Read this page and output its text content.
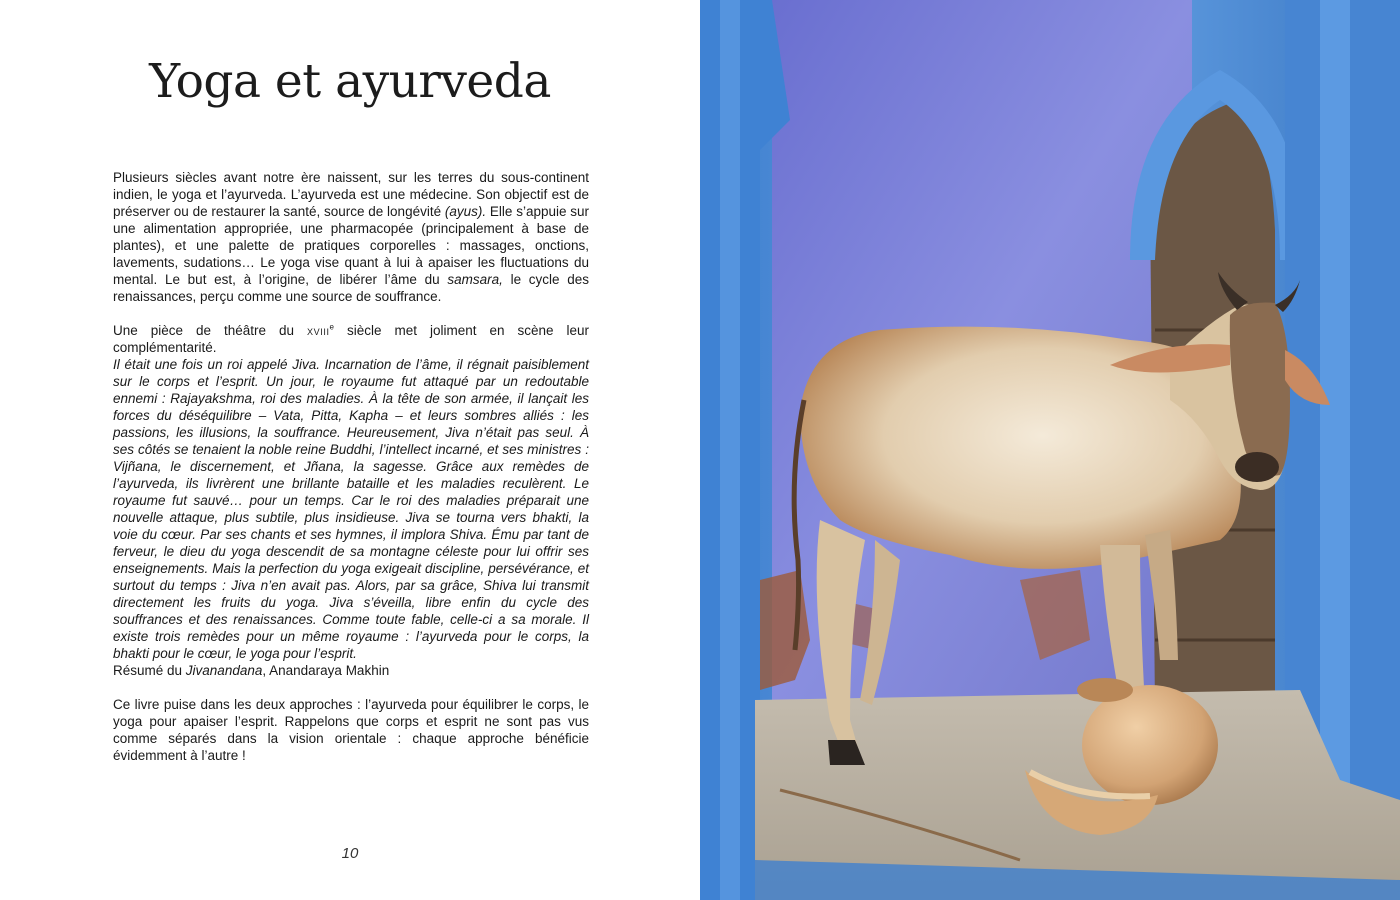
Yoga et ayurveda

Plusieurs siècles avant notre ère naissent, sur les terres du sous-continent indien, le yoga et l’ayurveda. L’ayurveda est une médecine. Son objectif est de préserver ou de restaurer la santé, source de longévité (ayus). Elle s’appuie sur une alimentation appropriée, une pharmacopée (principalement à base de plantes), et une palette de pratiques corporelles : massages, onctions, lavements, sudations… Le yoga vise quant à lui à apaiser les fluctuations du mental. Le but est, à l’origine, de libérer l’âme du samsara, le cycle des renaissances, perçu comme une source de souffrance.

Une pièce de théâtre du xviii$^e$ siècle met joliment en scène leur complémentarité.

Il était une fois un roi appelé Jiva. Incarnation de l’âme, il régnait paisiblement sur le corps et l’esprit. Un jour, le royaume fut attaqué par un redoutable ennemi : Rajayakshma, roi des maladies. À la tête de son armée, il lançait les forces du déséquilibre – Vata, Pitta, Kapha – et leurs sombres alliés : les passions, les illusions, la souffrance. Heureusement, Jiva n’était pas seul. À ses côtés se tenaient la noble reine Buddhi, l’intellect incarné, et ses ministres : Vijñana, le discernement, et Jñana, la sagesse. Grâce aux remèdes de l’ayurveda, ils livrèrent une brillante bataille et les maladies reculèrent. Le royaume fut sauvé… pour un temps. Car le roi des maladies préparait une nouvelle attaque, plus subtile, plus insidieuse. Jiva se tourna vers bhakti, la voie du cœur. Par ses chants et ses hymnes, il implora Shiva. Ému par tant de ferveur, le dieu du yoga descendit de sa montagne céleste pour lui offrir ses enseignements. Mais la perfection du yoga exigeait discipline, persévérance, et surtout du temps : Jiva n’en avait pas. Alors, par sa grâce, Shiva lui transmit directement les fruits du yoga. Jiva s’éveilla, libre enfin du cycle des souffrances et des renaissances. Comme toute fable, celle-ci a sa morale. Il existe trois remèdes pour un même royaume : l’ayurveda pour le corps, la bhakti pour le cœur, le yoga pour l’esprit.

Résumé du Jivanandana, Anandaraya Makhin

Ce livre puise dans les deux approches : l’ayurveda pour équilibrer le corps, le yoga pour apaiser l’esprit. Rappelons que corps et esprit ne sont pas vus comme séparés dans la vision orientale : chaque approche bénéficie évidemment à l’autre !

10
